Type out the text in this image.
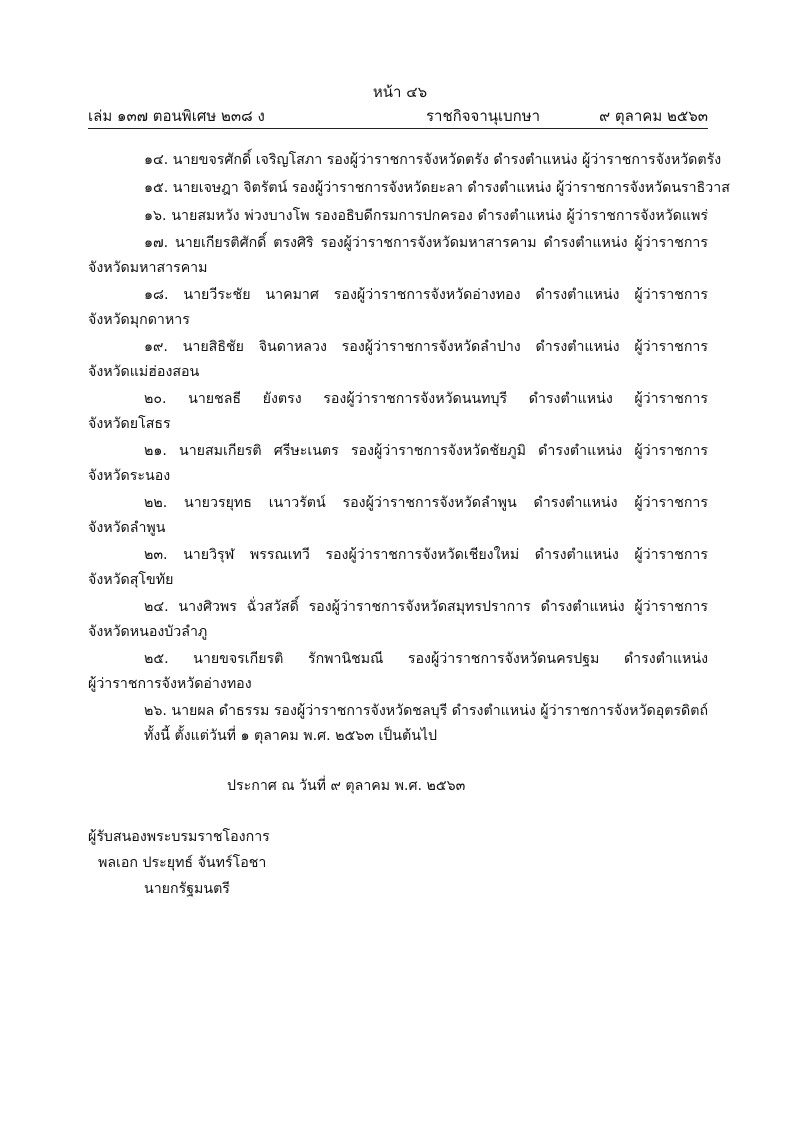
หน้า ๔๖
เล่ม ๑๓๗ ตอนพิเศษ ๒๓๘ ง	ราชกิจจานุเบกษา	๙ ตุลาคม ๒๕๖๓
๑๔. นายขจรศักดิ์ เจริญโสภา รองผู้ว่าราชการจังหวัดตรัง ดำรงตำแหน่ง ผู้ว่าราชการจังหวัดตรัง
๑๕. นายเจษฎา จิตรัตน์ รองผู้ว่าราชการจังหวัดยะลา ดำรงตำแหน่ง ผู้ว่าราชการจังหวัดนราธิวาส
๑๖. นายสมหวัง พ่วงบางโพ รองอธิบดีกรมการปกครอง ดำรงตำแหน่ง ผู้ว่าราชการจังหวัดแพร่
๑๗. นายเกียรติศักดิ์ ตรงศิริ รองผู้ว่าราชการจังหวัดมหาสารคาม ดำรงตำแหน่ง ผู้ว่าราชการ
จังหวัดมหาสารคาม
๑๘. นายวีระชัย นาคมาศ รองผู้ว่าราชการจังหวัดอ่างทอง ดำรงตำแหน่ง ผู้ว่าราชการ
จังหวัดมุกดาหาร
๑๙. นายสิธิชัย จินดาหลวง รองผู้ว่าราชการจังหวัดลำปาง ดำรงตำแหน่ง ผู้ว่าราชการ
จังหวัดแม่ฮ่องสอน
๒๐. นายชลธี ยังตรง รองผู้ว่าราชการจังหวัดนนทบุรี ดำรงตำแหน่ง ผู้ว่าราชการ
จังหวัดยโสธร
๒๑. นายสมเกียรติ ศรีษะเนตร รองผู้ว่าราชการจังหวัดชัยภูมิ ดำรงตำแหน่ง ผู้ว่าราชการ
จังหวัดระนอง
๒๒. นายวรยุทธ เนาวรัตน์ รองผู้ว่าราชการจังหวัดลำพูน ดำรงตำแหน่ง ผู้ว่าราชการ
จังหวัดลำพูน
๒๓. นายวิรุฬ พรรณเทวี รองผู้ว่าราชการจังหวัดเชียงใหม่ ดำรงตำแหน่ง ผู้ว่าราชการ
จังหวัดสุโขทัย
๒๔. นางศิวพร ฉั่วสวัสดิ์ รองผู้ว่าราชการจังหวัดสมุทรปราการ ดำรงตำแหน่ง ผู้ว่าราชการ
จังหวัดหนองบัวลำภู
๒๕. นายขจรเกียรติ รักพานิชมณี รองผู้ว่าราชการจังหวัดนครปฐม ดำรงตำแหน่ง
ผู้ว่าราชการจังหวัดอ่างทอง
๒๖. นายผล ดำธรรม รองผู้ว่าราชการจังหวัดชลบุรี ดำรงตำแหน่ง ผู้ว่าราชการจังหวัดอุตรดิตถ์
ทั้งนี้ ตั้งแต่วันที่ ๑ ตุลาคม พ.ศ. ๒๕๖๓ เป็นต้นไป
ประกาศ ณ วันที่ ๙ ตุลาคม พ.ศ. ๒๕๖๓
ผู้รับสนองพระบรมราชโองการ
พลเอก ประยุทธ์ จันทร์โอชา
นายกรัฐมนตรี
